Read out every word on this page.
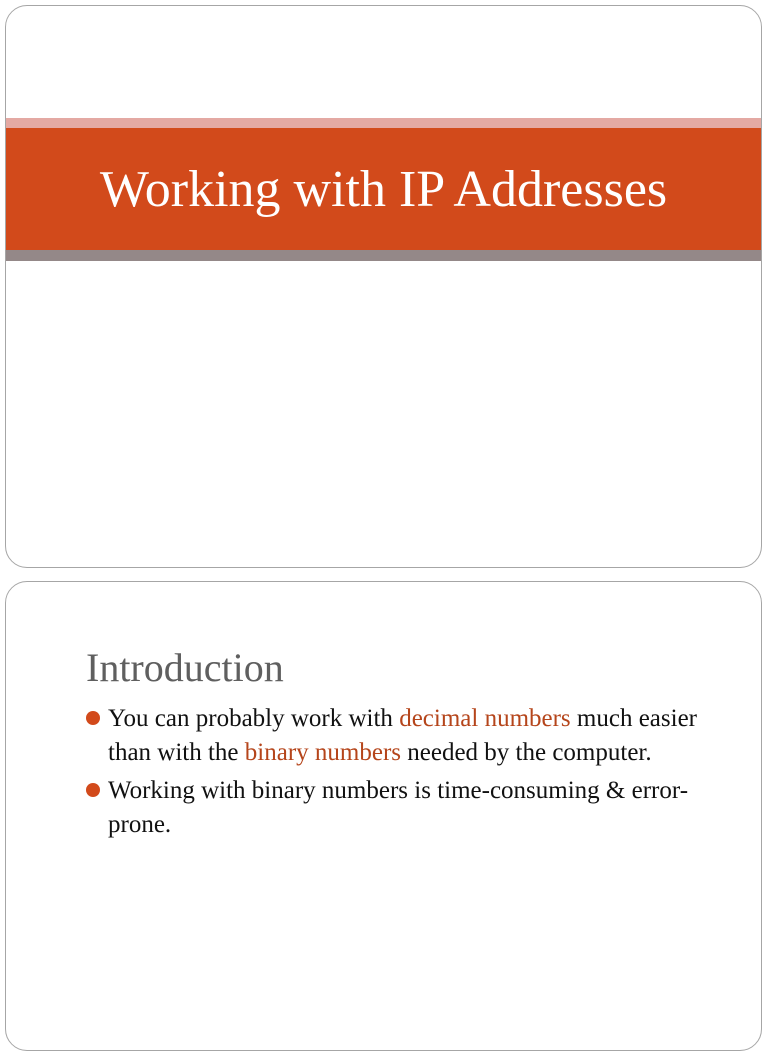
Working with IP Addresses
Introduction
You can probably work with decimal numbers much easier than with the binary numbers needed by the computer.
Working with binary numbers is time-consuming & error-prone.
